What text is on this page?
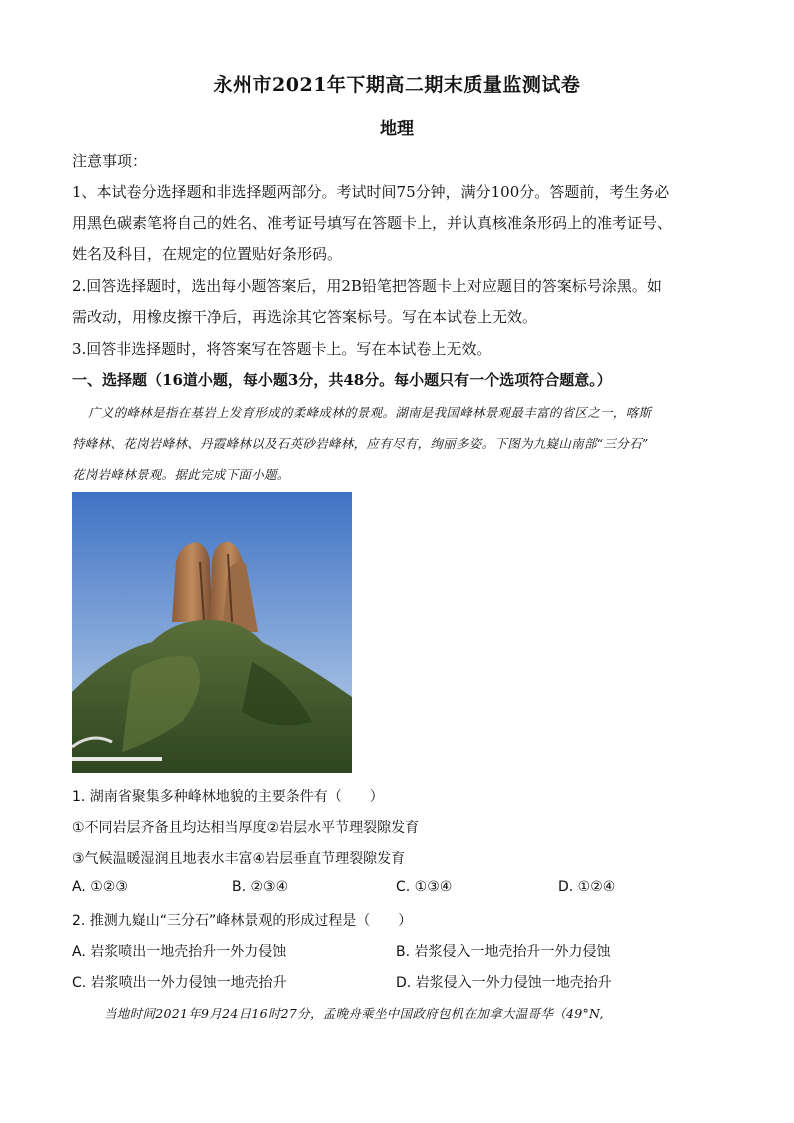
永州市2021年下期高二期末质量监测试卷
地理
注意事项：
1、本试卷分选择题和非选择题两部分。考试时间75分钟，满分100分。答题前，考生务必
用黑色碳素笔将自己的姓名、准考证号填写在答题卡上，并认真核准条形码上的准考证号、
姓名及科目，在规定的位置贴好条形码。
2.回答选择题时，选出每小题答案后，用2B铅笔把答题卡上对应题目的答案标号涂黑。如
需改动，用橡皮擦干净后，再选涂其它答案标号。写在本试卷上无效。
3.回答非选择题时，将答案写在答题卡上。写在本试卷上无效。
一、选择题（16道小题，每小题3分，共48分。每小题只有一个选项符合题意。）
广义的峰林是指在基岩上发育形成的柔峰成林的景观。湖南是我国峰林景观最丰富的省区之一，喀斯
特峰林、花岗岩峰林、丹霞峰林以及石英砂岩峰林，应有尽有，绚丽多姿。下图为九嶷山南部“三分石”
花岗岩峰林景观。据此完成下面小题。
1. 湖南省聚集多种峰林地貌的主要条件有（　　）
①不同岩层齐备且均达相当厚度②岩层水平节理裂隙发育
③气候温暖湿润且地表水丰富④岩层垂直节理裂隙发育
A. ①②③	B. ②③④	C. ①③④	D. ①②④
2. 推测九嶷山“三分石”峰林景观的形成过程是（　　）
A. 岩浆喷出一地壳抬升一外力侵蚀	B. 岩浆侵入一地壳抬升一外力侵蚀
C. 岩浆喷出一外力侵蚀一地壳抬升	D. 岩浆侵入一外力侵蚀一地壳抬升
当地时间2021年9月24日16时27分，孟晚舟乘坐中国政府包机在加拿大温哥华（49°N,
